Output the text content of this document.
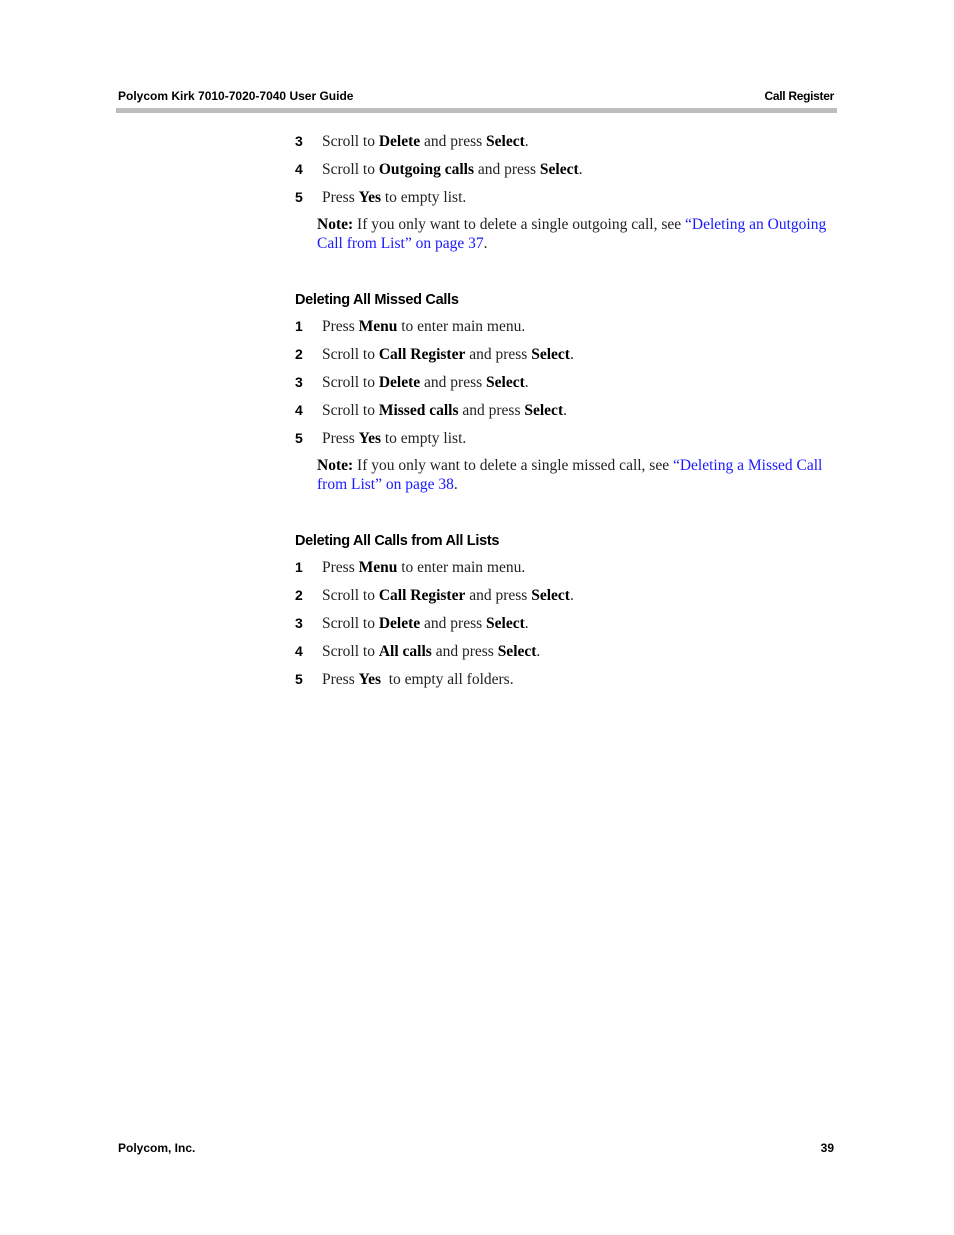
Polycom Kirk 7010-7020-7040 User Guide	Call Register
3 Scroll to Delete and press Select.
4 Scroll to Outgoing calls and press Select.
5 Press Yes to empty list.
Note: If you only want to delete a single outgoing call, see “Deleting an Outgoing Call from List” on page 37.
Deleting All Missed Calls
1 Press Menu to enter main menu.
2 Scroll to Call Register and press Select.
3 Scroll to Delete and press Select.
4 Scroll to Missed calls and press Select.
5 Press Yes to empty list.
Note: If you only want to delete a single missed call, see “Deleting a Missed Call from List” on page 38.
Deleting All Calls from All Lists
1 Press Menu to enter main menu.
2 Scroll to Call Register and press Select.
3 Scroll to Delete and press Select.
4 Scroll to All calls and press Select.
5 Press Yes  to empty all folders.
Polycom, Inc.	39
